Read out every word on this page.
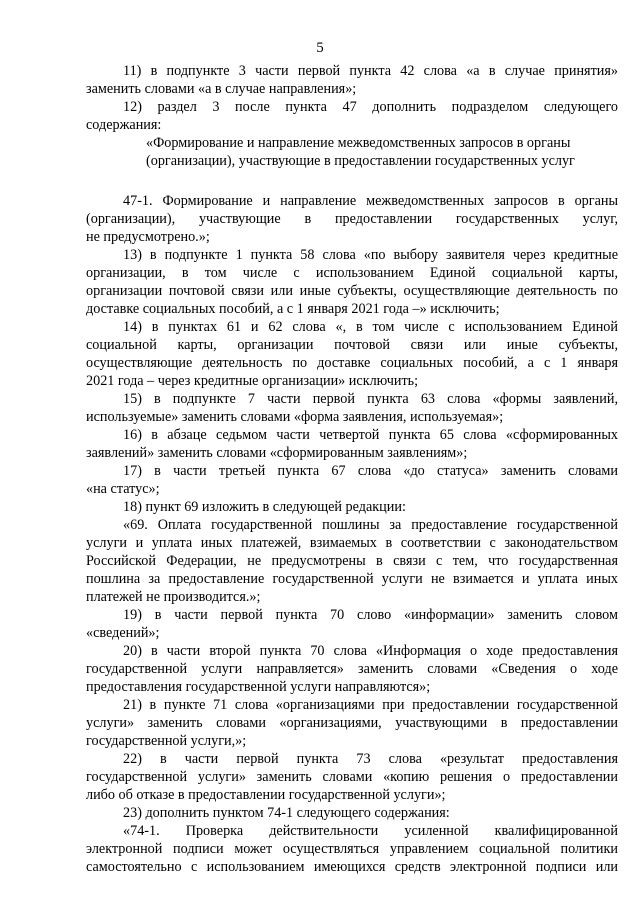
5
11) в подпункте 3 части первой пункта 42 слова «а в случае принятия»
заменить словами «а в случае направления»;
12) раздел 3 после пункта 47 дополнить подразделом следующего
содержания:
«Формирование и направление межведомственных запросов в органы
(организации), участвующие в предоставлении государственных услуг
47-1. Формирование и направление межведомственных запросов в органы
(организации), участвующие в предоставлении государственных услуг,
не предусмотрено.»;
13) в подпункте 1 пункта 58 слова «по выбору заявителя через кредитные
организации, в том числе с использованием Единой социальной карты,
организации почтовой связи или иные субъекты, осуществляющие деятельность по
доставке социальных пособий, а с 1 января 2021 года –» исключить;
14) в пунктах 61 и 62 слова «, в том числе с использованием Единой
социальной карты, организации почтовой связи или иные субъекты,
осуществляющие деятельность по доставке социальных пособий, а с 1 января
2021 года – через кредитные организации» исключить;
15) в подпункте 7 части первой пункта 63 слова «формы заявлений,
используемые» заменить словами «форма заявления, используемая»;
16) в абзаце седьмом части четвертой пункта 65 слова «сформированных
заявлений» заменить словами «сформированным заявлениям»;
17) в части третьей пункта 67 слова «до статуса» заменить словами
«на статус»;
18) пункт 69 изложить в следующей редакции:
«69. Оплата государственной пошлины за предоставление государственной
услуги и уплата иных платежей, взимаемых в соответствии с законодательством
Российской Федерации, не предусмотрены в связи с тем, что государственная
пошлина за предоставление государственной услуги не взимается и уплата иных
платежей не производится.»;
19) в части первой пункта 70 слово «информации» заменить словом
«сведений»;
20) в части второй пункта 70 слова «Информация о ходе предоставления
государственной услуги направляется» заменить словами «Сведения о ходе
предоставления государственной услуги направляются»;
21) в пункте 71 слова «организациями при предоставлении государственной
услуги» заменить словами «организациями, участвующими в предоставлении
государственной услуги,»;
22) в части первой пункта 73 слова «результат предоставления
государственной услуги» заменить словами «копию решения о предоставлении
либо об отказе в предоставлении государственной услуги»;
23) дополнить пунктом 74-1 следующего содержания:
«74-1. Проверка действительности усиленной квалифицированной
электронной подписи может осуществляться управлением социальной политики
самостоятельно с использованием имеющихся средств электронной подписи или
